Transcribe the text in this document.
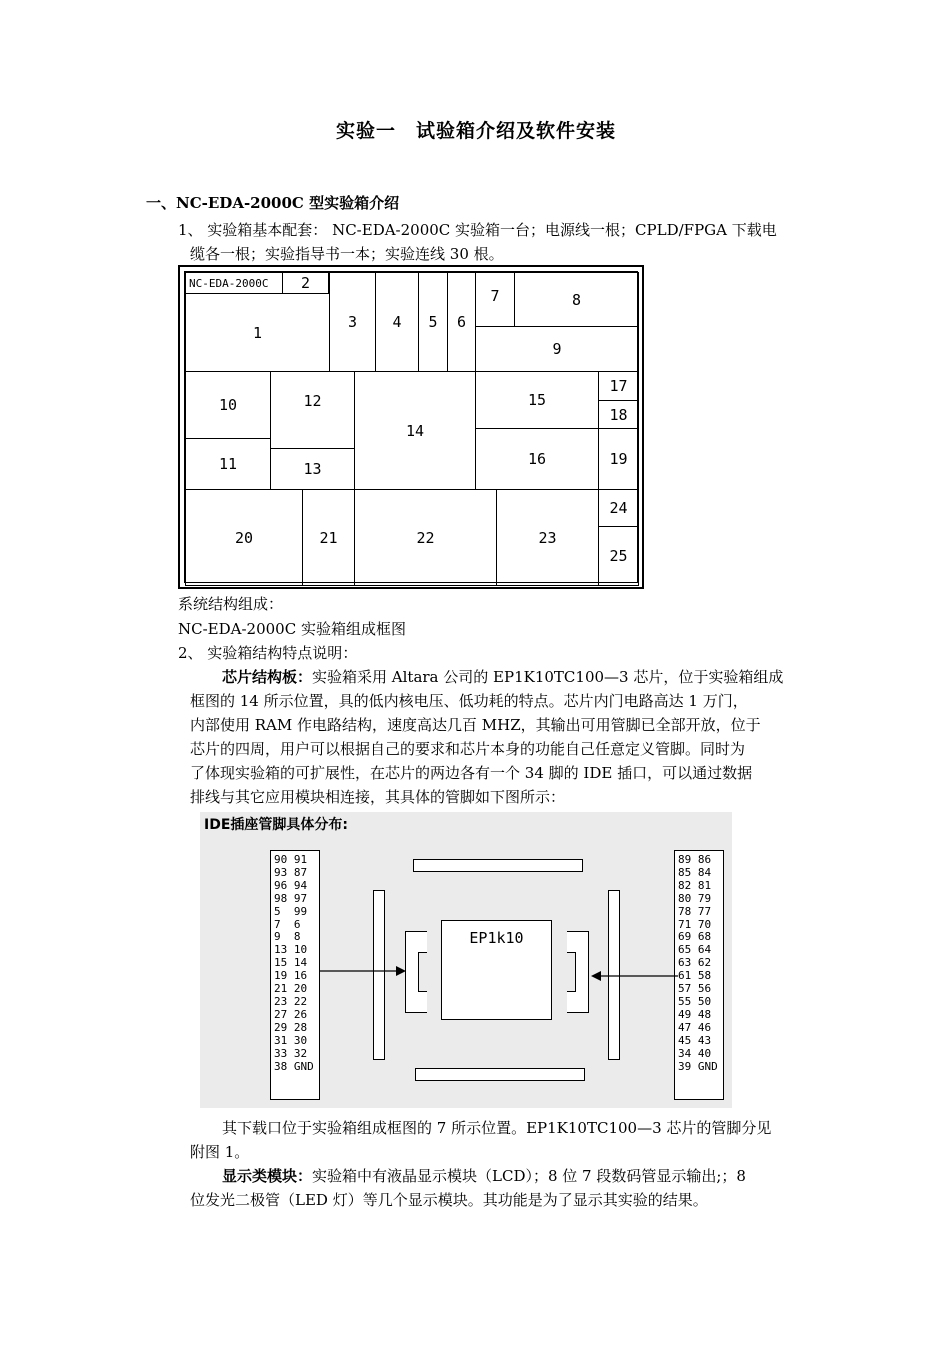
实验一　试验箱介绍及软件安装
一、NC-EDA-2000C 型实验箱介绍
1、 实验箱基本配套： NC-EDA-2000C 实验箱一台；电源线一根；CPLD/FPGA 下载电
缆各一根；实验指导书一本；实验连线 30 根。
NC-EDA-2000C	2
1
3	4	5	6
7	8
9
10
11
12
13
14
15
16
17
18
19
20	21	22	23
24
25
系统结构组成：
NC-EDA-2000C 实验箱组成框图
2、 实验箱结构特点说明：
芯片结构板：实验箱采用 Altara 公司的 EP1K10TC100—3 芯片，位于实验箱组成
框图的 14 所示位置，具的低内核电压、低功耗的特点。芯片内门电路高达 1 万门，
内部使用 RAM 作电路结构，速度高达几百 MHZ，其输出可用管脚已全部开放，位于
芯片的四周，用户可以根据自己的要求和芯片本身的功能自己任意定义管脚。同时为
了体现实验箱的可扩展性，在芯片的两边各有一个 34 脚的 IDE 插口，可以通过数据
排线与其它应用模块相连接，其具体的管脚如下图所示：
90 91
93 87
96 94
98 97
5  99
7  6
9  8
13 10
15 14
19 16
21 20
23 22
27 26
29 28
31 30
33 32
38 GND
89 86
85 84
82 81
80 79
78 77
71 70
69 68
65 64
63 62
61 58
57 56
55 50
49 48
47 46
45 43
34 40
39 GND
EP1k10
IDE插座管脚具体分布:
其下载口位于实验箱组成框图的 7 所示位置。EP1K10TC100—3 芯片的管脚分见
附图 1。
显示类模块：实验箱中有液晶显示模块（LCD）；8 位 7 段数码管显示输出;；8
位发光二极管（LED 灯）等几个显示模块。其功能是为了显示其实验的结果。
